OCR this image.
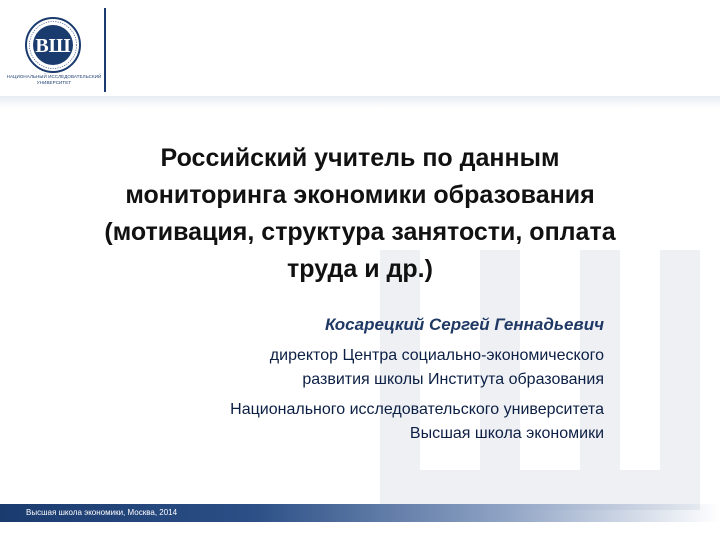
ВШ
НАЦИОНАЛЬНЫЙ ИССЛЕДОВАТЕЛЬСКИЙ УНИВЕРСИТЕТ
Российский учитель по данным
мониторинга экономики образования
(мотивация, структура занятости, оплата
труда и др.)

Косарецкий Сергей Геннадьевич

директор Центра социально-экономического

развития школы Института образования

Национального исследовательского университета

Высшая школа экономики

Высшая школа экономики, Москва, 2014
